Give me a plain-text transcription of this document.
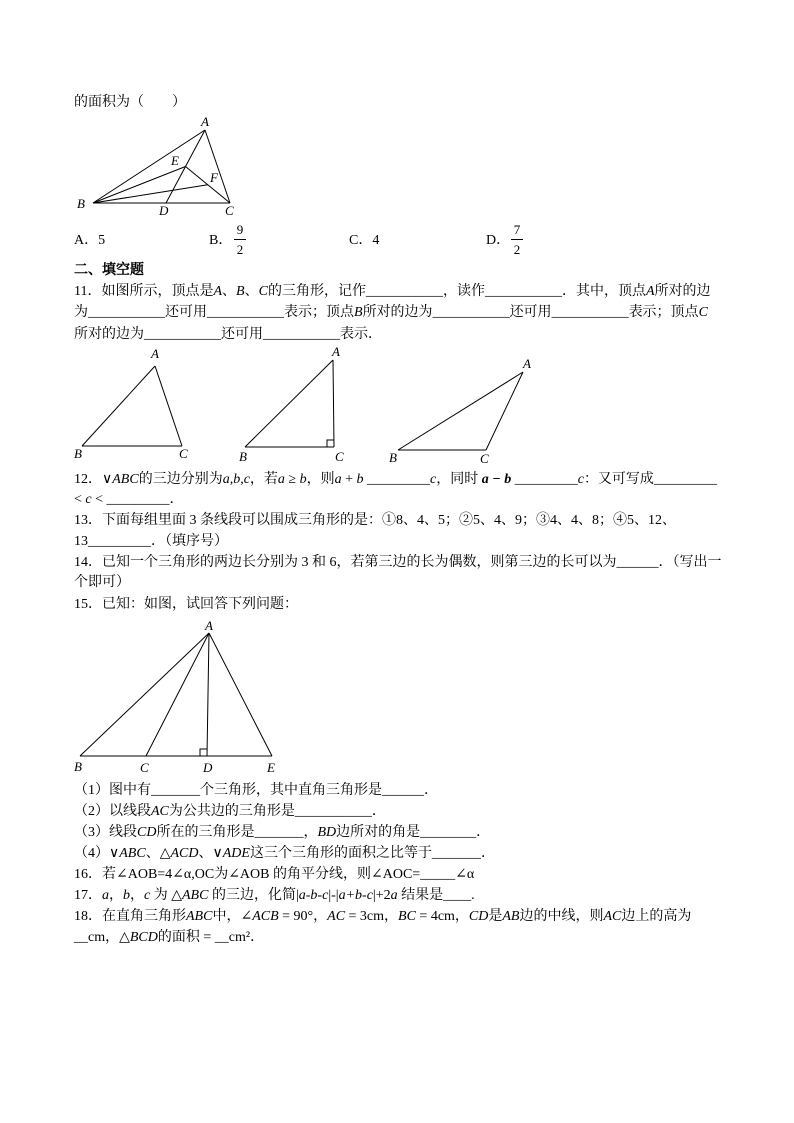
的面积为（　　）
A
B	C
D
E
F
A．5	B．
9
2
C．4	D．
7
2
二、填空题
11．如图所示，顶点是A、B、C的三角形，记作___________，读作___________．其中，顶点A所对的边
为___________还可用___________表示；顶点B所对的边为___________还可用___________表示；顶点C
所对的边为___________还可用___________表示．
A
B	C
A
B	C
A
B	C
12．∨ABC的三边分别为a,b,c，若a ≥ b，则a + b _________c，同时 a − b _________c：又可写成_________
< c < _________．
13．下面每组里面 3 条线段可以围成三角形的是：①8、4、5；②5、4、9；③4、4、8；④5、12、
13_________．（填序号）
14．已知一个三角形的两边长分别为 3 和 6，若第三边的长为偶数，则第三边的长可以为______．（写出一
个即可）
15．已知：如图，试回答下列问题：
A
B	C	D	E
（1）图中有_______个三角形，其中直角三角形是______．
（2）以线段AC为公共边的三角形是___________．
（3）线段CD所在的三角形是_______，BD边所对的角是________．
（4）∨ABC、△ACD、∨ADE这三个三角形的面积之比等于_______．
16．若∠AOB=4∠α,OC为∠AOB 的角平分线，则∠AOC=_____∠α
17．a，b，c 为 △ABC 的三边，化简|a-b-c|-|a+b-c|+2a 结果是____.
18．在直角三角形ABC中，∠ACB = 90°，AC = 3cm，BC = 4cm，CD是AB边的中线，则AC边上的高为
__cm，△BCD的面积 = __cm²．
